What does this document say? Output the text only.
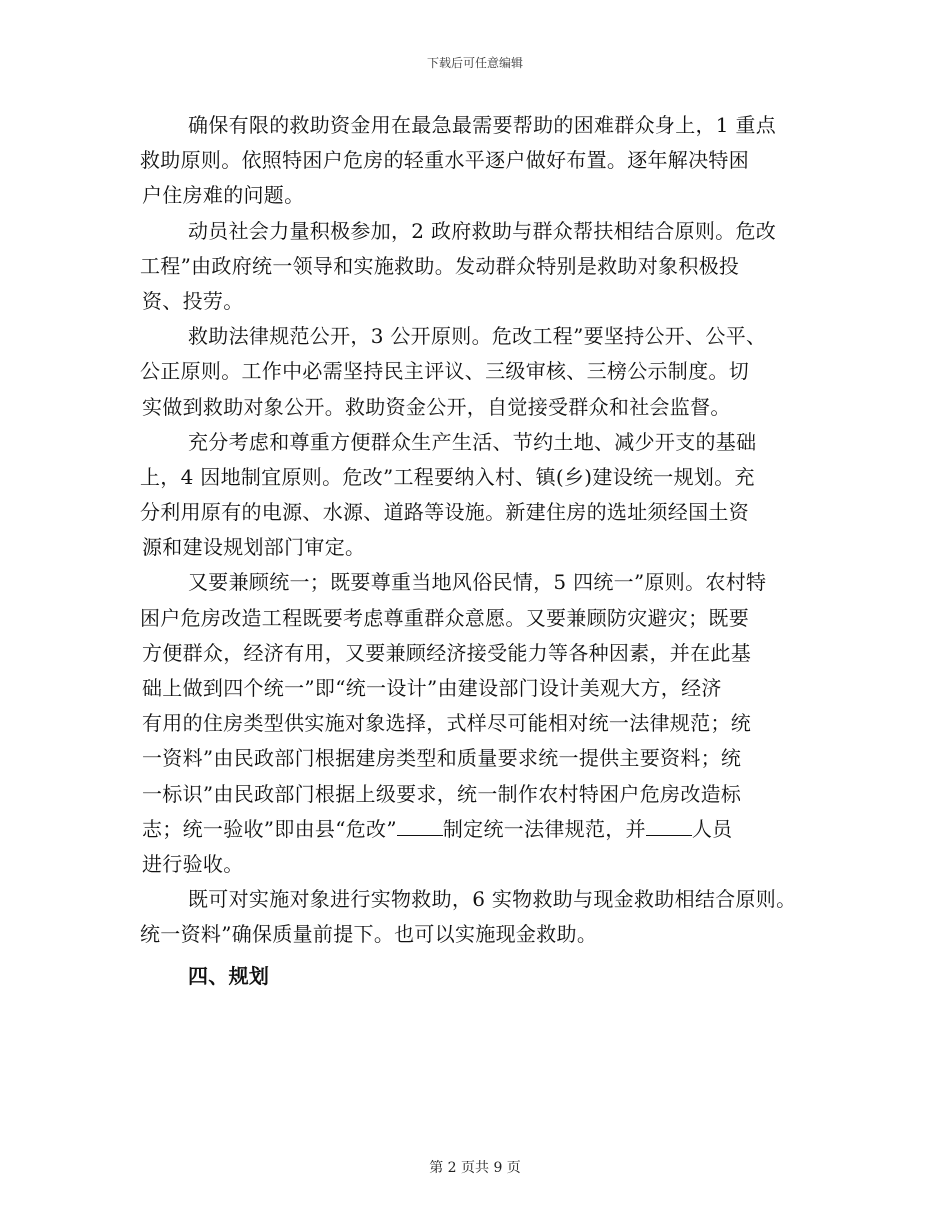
下载后可任意编辑
确保有限的救助资金用在最急最需要帮助的困难群众身上，1 重点
救助原则。依照特困户危房的轻重水平逐户做好布置。逐年解决特困
户住房难的问题。
动员社会力量积极参加，2 政府救助与群众帮扶相结合原则。危改
工程”由政府统一领导和实施救助。发动群众特别是救助对象积极投
资、投劳。
救助法律规范公开，3 公开原则。危改工程”要坚持公开、公平、
公正原则。工作中必需坚持民主评议、三级审核、三榜公示制度。切
实做到救助对象公开。救助资金公开，自觉接受群众和社会监督。
充分考虑和尊重方便群众生产生活、节约土地、减少开支的基础
上，4 因地制宜原则。危改”工程要纳入村、镇(乡)建设统一规划。充
分利用原有的电源、水源、道路等设施。新建住房的选址须经国土资
源和建设规划部门审定。
又要兼顾统一；既要尊重当地风俗民情，5 四统一”原则。农村特
困户危房改造工程既要考虑尊重群众意愿。又要兼顾防灾避灾；既要
方便群众，经济有用，又要兼顾经济接受能力等各种因素，并在此基
础上做到四个统一”即“统一设计”由建设部门设计美观大方，经济
有用的住房类型供实施对象选择，式样尽可能相对统一法律规范；统
一资料”由民政部门根据建房类型和质量要求统一提供主要资料；统
一标识”由民政部门根据上级要求，统一制作农村特困户危房改造标
志；统一验收”即由县“危改” 制定统一法律规范，并 人员
进行验收。
既可对实施对象进行实物救助，6 实物救助与现金救助相结合原则。
统一资料”确保质量前提下。也可以实施现金救助。
四、规划
第 2 页共 9 页
